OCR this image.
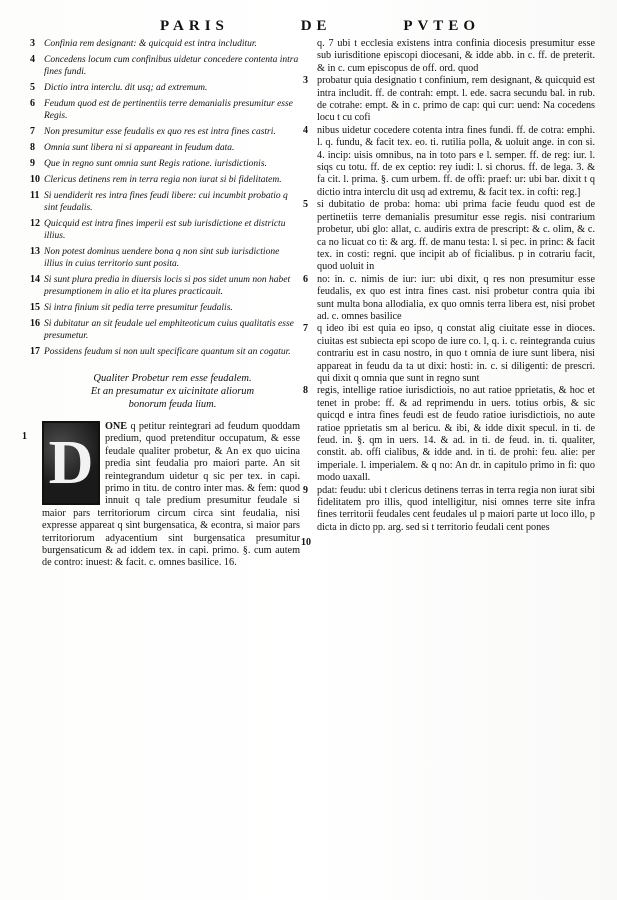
PARIS	DE	PVTEO
3 Confinia rem designant: & quicquid est intra includitur.
4 Concedens locum cum confinibus uidetur concedere contenta intra fines fundi.
5 Dictio intra interclu. dit usq; ad extremum.
6 Feudum quod est de pertinentiis terre demanialis presumitur esse Regis.
7 Non presumitur esse feudalis ex quo res est intra fines castri.
8 Omnia sunt libera ni si appareant in feudum data.
9 Que in regno sunt omnia sunt Regis ratione. iurisdictionis.
10 Clericus detinens rem in terra regia non iurat si bi fidelitatem.
11 Si uendiderit res intra fines feudi libere: cui incumbit probatio q sint feudalis.
12 Quicquid est intra fines imperii est sub iurisdictione et districtu illius.
13 Non potest dominus uendere bona q non sint sub iurisdictione illius in cuius territorio sunt posita.
14 Si sunt plura predia in diuersis locis si pos sidet unum non habet presumptionem in alio et ita plures practicauit.
15 Si intra finium sit pedia terre presumitur feudalis.
16 Si dubitatur an sit feudale uel emphiteoticum cuius qualitatis esse presumetur.
17 Possidens feudum si non uult specificare quantum sit an cogatur.
Qualiter Probetur rem esse feudalem. Et an presumatur ex uicinitate aliorum bonorum feuda lium.
1 D

ONE q petitur reintegrari ad feudum quoddam predium, quod pretenditur occupatum, & esse feudale qualiter probetur, & An ex quo uicina predia sint feudalia pro maiori parte. An sit reintegrandum uidetur q sic per tex. in capi. primo in titu. de contro inter mas. & fem: quod innuit q tale predium presumitur feudale si maior pars territoriorum circum circa sint feudalia, nisi expresse appareat q sint burgensatica, & econtra, si maior pars territoriorum adyacentium sint burgensatica presumitur burgensaticum & ad iddem tex. in capi. primo. §. cum autem de contro: inuest: & facit. c. omnes basilice. 16.

q. 7 ubi t ecclesia existens intra confinia diocesis presumitur esse sub iurisditione episcopi diocesani, & idde abb. in c. ff. de preterit. & in c. cum episcopus de off. ord. quod

3 probatur quia designatio t confinium, rem designant, & quicquid est intra includit. ff. de contrah: empt. l. ede. sacra secundu bal. in rub. de cotrahe: empt. & in c. primo de cap: qui cur: uend: Na cocedens locu t cu cofi

4 nibus uidetur cocedere cotenta intra fines fundi. ff. de cotra: emphi. l. q. fundu, & facit tex. eo. ti. rutilia polla, & uoluit ange. in con si. 4. incip: uisis omnibus, na in toto pars e l. semper. ff. de reg: iur. l. siqs cu totu. ff. de ex ceptio: rey iudi: l. si chorus. ff. de lega. 3. & fa cit. l. prima. §. cum urbem. ff. de offi: praef: ur: ubi bar. dixit t q dictio intra interclu dit usq ad extremu, & facit tex. in cofti: reg.]

5 si dubitatio de proba: homa: ubi prima facie feudu quod est de pertinetiis terre demanialis presumitur esse regis. nisi contrarium probetur, ubi glo: allat, c. audiris extra de prescript: & c. olim, & c. ca no licuat co ti: & arg. ff. de manu testa: l. si pec. in princ: & facit tex. in costi: regni. que incipit ab of ficialibus. p in cotrariu facit, quod uoluit in

6 no: in. c. nimis de iur: iur: ubi dixit, q res non presumitur esse feudalis, ex quo est intra fines cast. nisi probetur contra quia ibi sunt multa bona allodialia, ex quo omnis terra libera est, nisi probet ad. c. omnes basilice

7 q ideo ibi est quia eo ipso, q constat alig ciuitate esse in dioces. ciuitas est subiecta epi scopo de iure co. l, q. i. c. reintegranda cuius contrariu est in casu nostro, in quo t omnia de iure sunt libera, nisi appareat in feudu da ta ut dixi: hosti: in. c. si diligenti: de prescri. qui dixit q omnia que sunt in regno sunt

8 regis, intellige ratioe iurisdictiois, no aut ratioe pprietatis, & hoc et tenet in probe: ff. & ad reprimendu in uers. totius orbis, & sic quicqd e intra fines feudi est de feudo ratioe iurisdictiois, no aute ratioe pprietatis sm al bericu. & ibi, & idde dixit specul. in ti. de feud. in. §. qm in uers. 14. & ad. in ti. de feud. in. ti. qualiter, constit. ab. offi cialibus, & idde and. in ti. de prohi: feu. alie: per imperiale. l. imperialem. & q no: An dr. in capitulo primo in fi: quo modo uaxall.

9 pdat: feudu: ubi t clericus detinens terras in terra regia non iurat sibi fidelitatem pro illis, quod intelligitur, nisi omnes terre site infra fines territorii feudales cent feudales ul p maiori parte ut loco illo, p dicta in dicto pp. arg. sed si t territorio feudali cent pones

10
